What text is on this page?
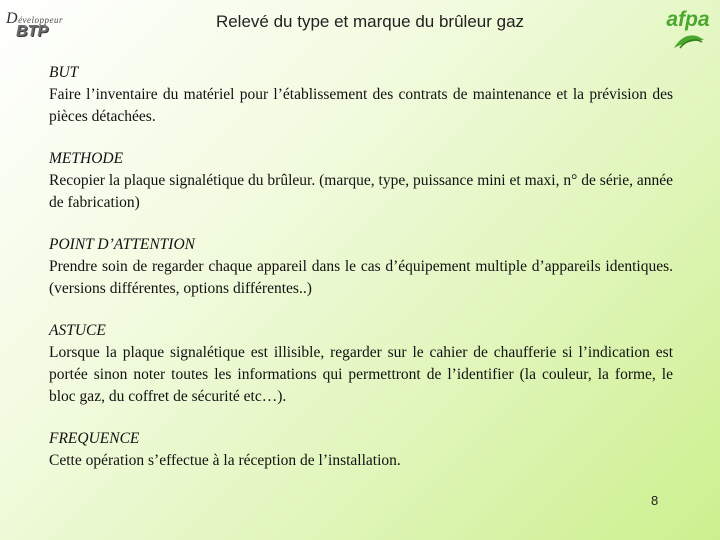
Développeur
BTP
Relevé du type et marque du brûleur gaz	afpa
BUT
Faire l’inventaire du matériel pour l’établissement des contrats de maintenance et la prévision des pièces détachées.
METHODE
Recopier la plaque signalétique du brûleur. (marque, type, puissance mini et maxi, n° de série, année de fabrication)
POINT D’ATTENTION
Prendre soin de regarder chaque appareil dans le cas d’équipement multiple d’appareils identiques. (versions différentes, options différentes..)
ASTUCE
Lorsque la plaque signalétique est illisible, regarder sur le cahier de chaufferie si l’indication est portée sinon noter toutes les informations qui permettront de l’identifier (la couleur, la forme, le bloc gaz, du coffret de sécurité etc…).
FREQUENCE
Cette opération s’effectue à la réception de l’installation.
8
